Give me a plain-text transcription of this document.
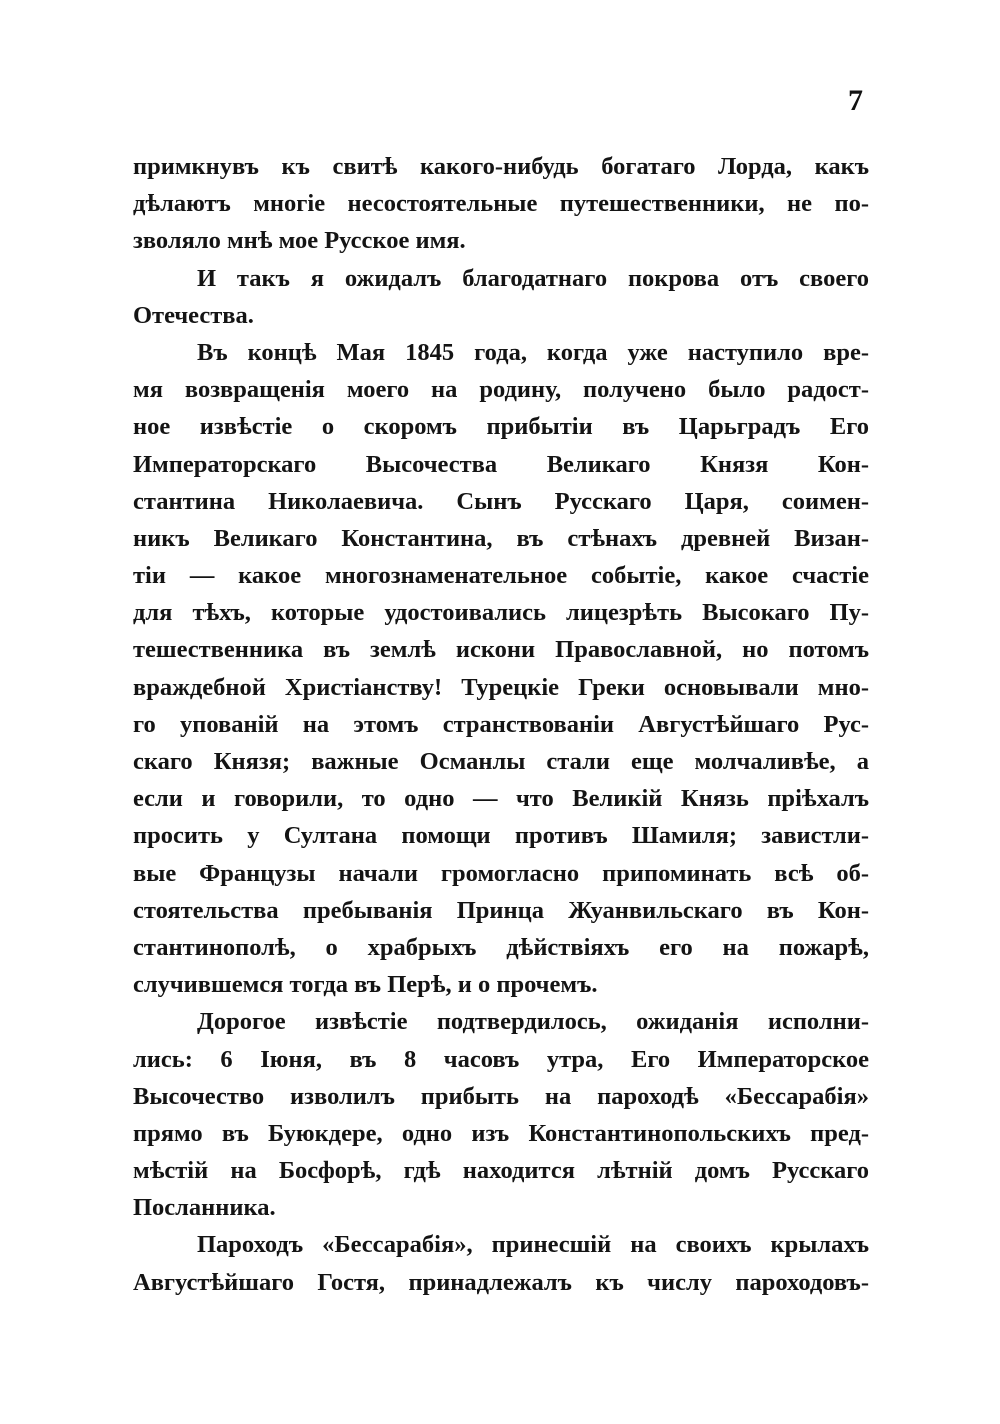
7
примкнувъ къ свитѣ какого-нибудь богатаго Лорда, какъ
дѣлаютъ многіе несостоятельные путешественники, не по-
зволяло мнѣ мое Русское имя.
И такъ я ожидалъ благодатнаго покрова отъ своего
Отечества.
Въ концѣ Мая 1845 года, когда уже наступило вре-
мя возвращенія моего на родину, получено было радост-
ное извѣстіе о скоромъ прибытіи въ Царьградъ Его
Императорскаго Высочества Великаго Князя Кон-
стантина Николаевича. Сынъ Русскаго Царя, соимен-
никъ Великаго Константина, въ стѣнахъ древней Визан-
тіи — какое многознаменательное событіе, какое счастіе
для тѣхъ, которые удостоивались лицезрѣть Высокаго Пу-
тешественника въ землѣ искони Православной, но потомъ
враждебной Христіанству! Турецкіе Греки основывали мно-
го упованій на этомъ странствованіи Августѣйшаго Рус-
скаго Князя; важные Османлы стали еще молчаливѣе, а
если и говорили, то одно — что Великій Князь пріѣхалъ
просить у Султана помощи противъ Шамиля; завистли-
вые Французы начали громогласно припоминать всѣ об-
стоятельства пребыванія Принца Жуанвильскаго въ Кон-
стантинополѣ, о храбрыхъ дѣйствіяхъ его на пожарѣ,
случившемся тогда въ Перѣ, и о прочемъ.
Дорогое извѣстіе подтвердилось, ожиданія исполни-
лись: 6 Іюня, въ 8 часовъ утра, Его Императорское
Высочество изволилъ прибыть на пароходѣ «Бессарабія»
прямо въ Буюкдере, одно изъ Константинопольскихъ пред-
мѣстій на Босфорѣ, гдѣ находится лѣтній домъ Русскаго
Посланника.
Пароходъ «Бессарабія», принесшій на своихъ крылахъ
Августѣйшаго Гостя, принадлежалъ къ числу пароходовъ-
